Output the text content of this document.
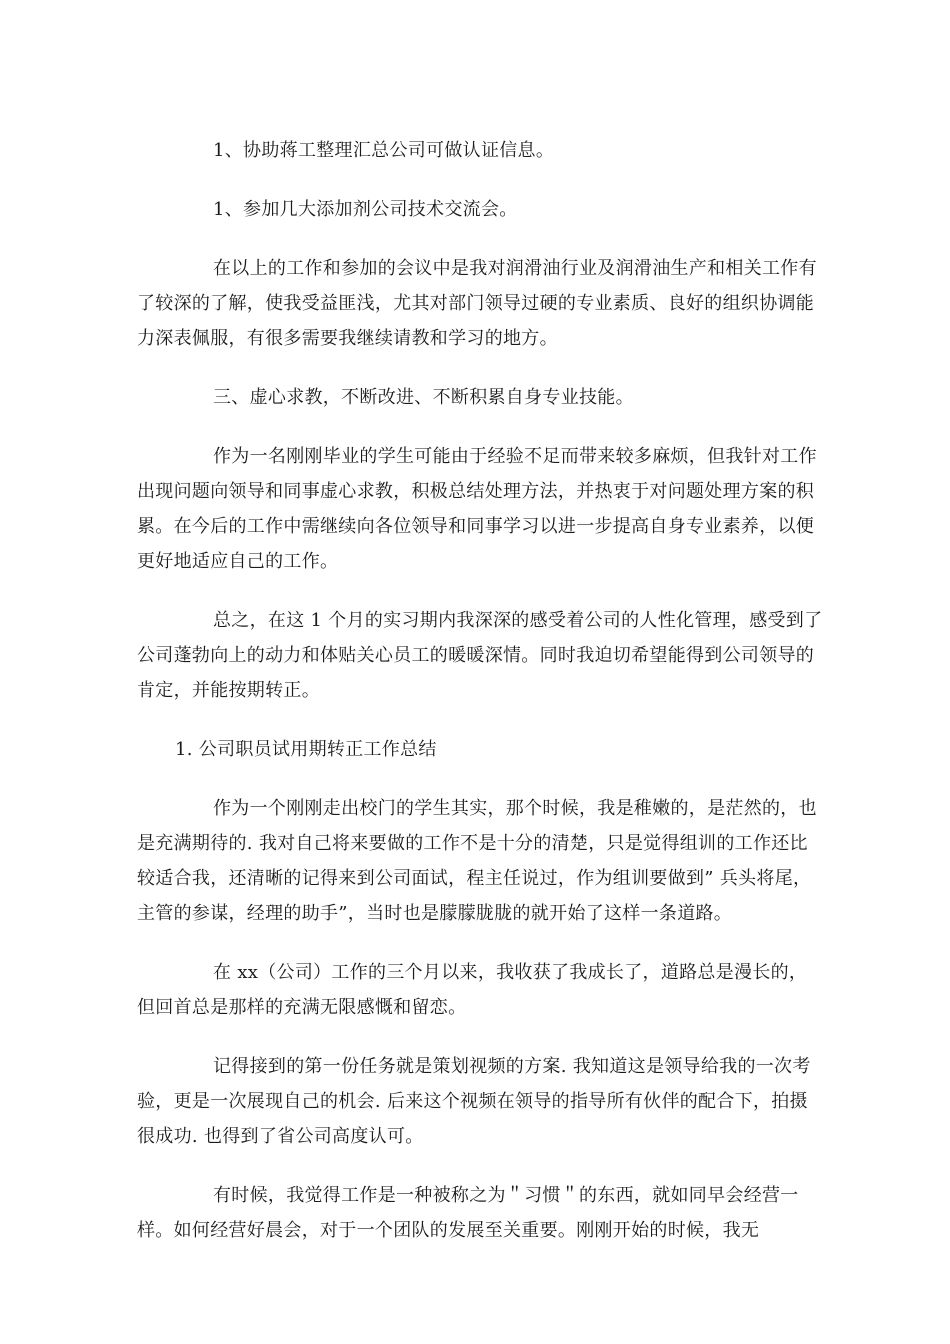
1、协助蒋工整理汇总公司可做认证信息。

1、参加几大添加剂公司技术交流会。

在以上的工作和参加的会议中是我对润滑油行业及润滑油生产和相关工作有了较深的了解，使我受益匪浅，尤其对部门领导过硬的专业素质、良好的组织协调能力深表佩服，有很多需要我继续请教和学习的地方。

三、虚心求教，不断改进、不断积累自身专业技能。

作为一名刚刚毕业的学生可能由于经验不足而带来较多麻烦，但我针对工作出现问题向领导和同事虚心求教，积极总结处理方法，并热衷于对问题处理方案的积累。在今后的工作中需继续向各位领导和同事学习以进一步提高自身专业素养，以便更好地适应自己的工作。

总之，在这 1 个月的实习期内我深深的感受着公司的人性化管理，感受到了公司蓬勃向上的动力和体贴关心员工的暖暖深情。同时我迫切希望能得到公司领导的肯定，并能按期转正。

1. 公司职员试用期转正工作总结

作为一个刚刚走出校门的学生其实，那个时候，我是稚嫩的，是茫然的，也是充满期待的. 我对自己将来要做的工作不是十分的清楚，只是觉得组训的工作还比较适合我，还清晰的记得来到公司面试，程主任说过，作为组训要做到” 兵头将尾，主管的参谋，经理的助手”，当时也是朦朦胧胧的就开始了这样一条道路。

在 xx（公司）工作的三个月以来，我收获了我成长了，道路总是漫长的，但回首总是那样的充满无限感慨和留恋。

记得接到的第一份任务就是策划视频的方案. 我知道这是领导给我的一次考验，更是一次展现自己的机会. 后来这个视频在领导的指导所有伙伴的配合下，拍摄很成功. 也得到了省公司高度认可。

有时候，我觉得工作是一种被称之为＂习惯＂的东西，就如同早会经营一样。如何经营好晨会，对于一个团队的发展至关重要。刚刚开始的时候，我无
